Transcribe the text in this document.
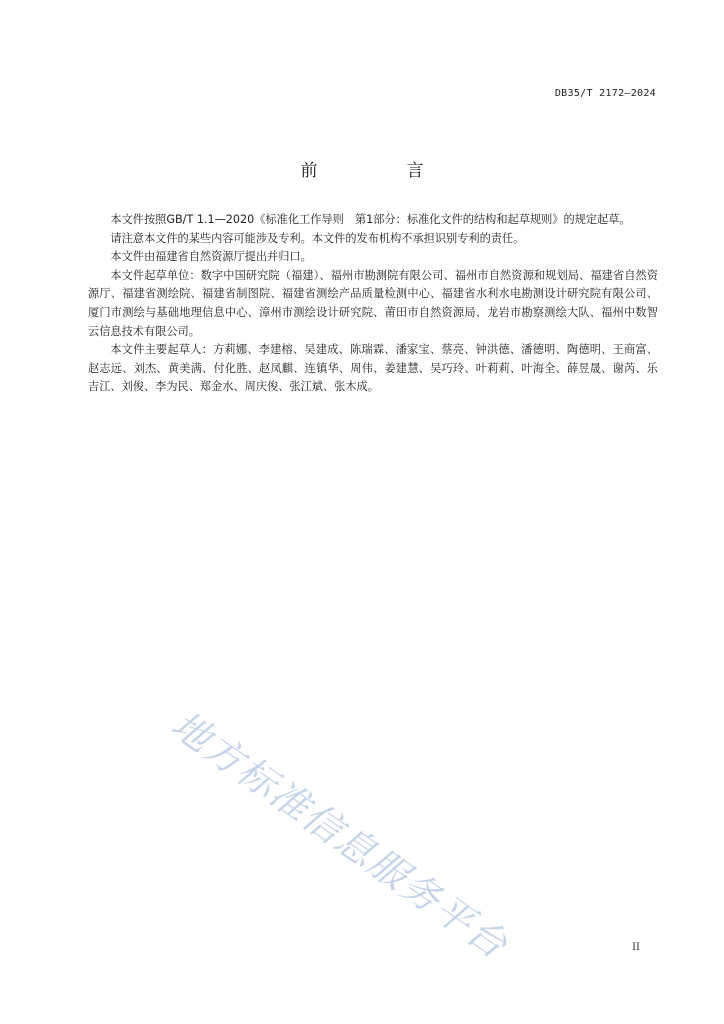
DB35/T 2172—2024
前　言

本文件按照GB/T 1.1—2020《标准化工作导则　第1部分：标准化文件的结构和起草规则》的规定起草。

请注意本文件的某些内容可能涉及专利。本文件的发布机构不承担识别专利的责任。

本文件由福建省自然资源厅提出并归口。

本文件起草单位：数字中国研究院（福建）、福州市勘测院有限公司、福州市自然资源和规划局、福建省自然资源厅、福建省测绘院、福建省制图院、福建省测绘产品质量检测中心、福建省水利水电勘测设计研究院有限公司、厦门市测绘与基础地理信息中心、漳州市测绘设计研究院、莆田市自然资源局、龙岩市勘察测绘大队、福州中数智云信息技术有限公司。

本文件主要起草人：方莉娜、李建榕、吴建成、陈瑞霖、潘家宝、蔡亮、钟洪德、潘德明、陶德明、王商富、赵志远、刘杰、黄美满、付化胜、赵凤麒、连镇华、周伟、姜建慧、吴巧玲、叶莉莉、叶海全、薛昱晟、谢芮、乐吉江、刘俊、李为民、郑金水、周庆俊、张江斌、张木成。

地方标准信息服务平台	II
